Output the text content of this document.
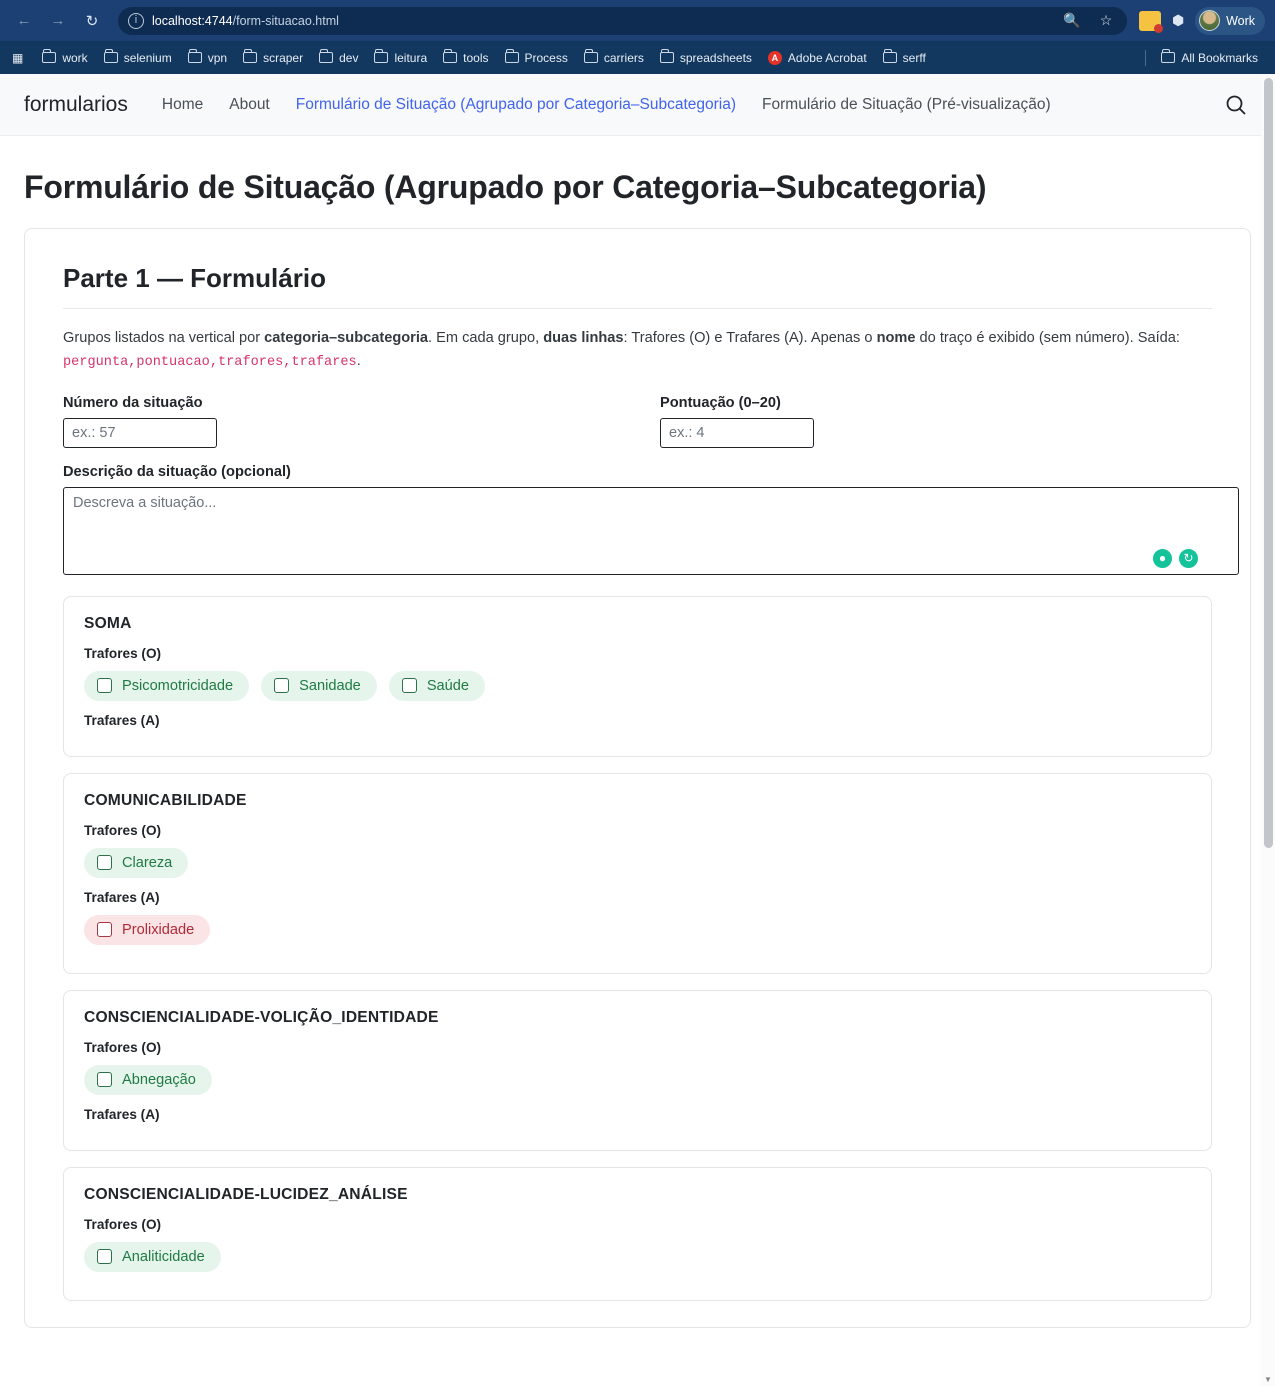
←	→	↻	i	localhost:4744/form-situacao.html	🔍	☆	⬢	Work
▦	work	selenium	vpn	scraper	dev	leitura	tools	Process	carriers	spreadsheets	A Adobe Acrobat	serff	All Bookmarks
formularios Home About Formulário de Situação (Agrupado por Categoria–Subcategoria) Formulário de Situação (Pré-visualização)
Formulário de Situação (Agrupado por Categoria–Subcategoria)
Parte 1 — Formulário

Grupos listados na vertical por categoria–subcategoria. Em cada grupo, duas linhas: Trafores (O) e Trafares (A). Apenas o nome do traço é exibido (sem número). Saída: pergunta,pontuacao,trafores,trafares.

Número da situação
ex.: 57	Pontuação (0–20)
ex.: 4
Descrição da situação (opcional)
Descreva a situação...
●	↻
SOMA
Trafores (O)
Psicomotricidade	Sanidade	Saúde
Trafares (A)
COMUNICABILIDADE
Trafores (O)
Clareza
Trafares (A)
Prolixidade
CONSCIENCIALIDADE-VOLIÇÃO_IDENTIDADE
Trafores (O)
Abnegação
Trafares (A)
CONSCIENCIALIDADE-LUCIDEZ_ANÁLISE
Trafores (O)
Analiticidade
▼
